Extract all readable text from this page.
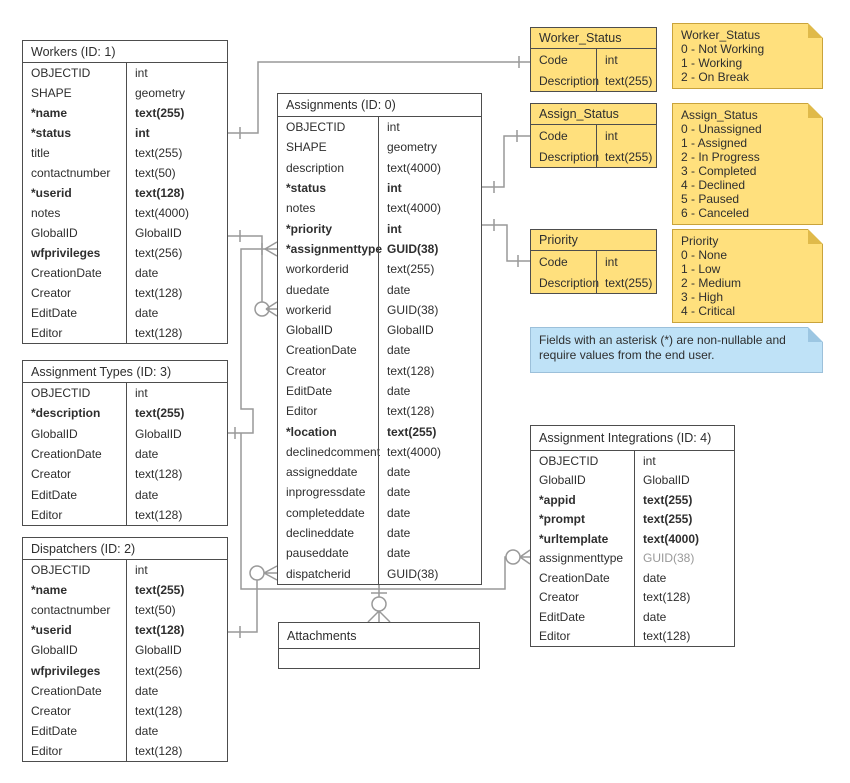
Workers (ID: 1)
OBJECTID	int
SHAPE	geometry
*name	text(255)
*status	int
title	text(255)
contactnumber	text(50)
*userid	text(128)
notes	text(4000)
GlobalID	GlobalID
wfprivileges	text(256)
CreationDate	date
Creator	text(128)
EditDate	date
Editor	text(128)
Assignment Types (ID: 3)
OBJECTID	int
*description	text(255)
GlobalID	GlobalID
CreationDate	date
Creator	text(128)
EditDate	date
Editor	text(128)
Dispatchers (ID: 2)
OBJECTID	int
*name	text(255)
contactnumber	text(50)
*userid	text(128)
GlobalID	GlobalID
wfprivileges	text(256)
CreationDate	date
Creator	text(128)
EditDate	date
Editor	text(128)
Assignments (ID: 0)
OBJECTID	int
SHAPE	geometry
description	text(4000)
*status	int
notes	text(4000)
*priority	int
*assignmenttype GUID(38)
workorderid	text(255)
duedate	date
workerid	GUID(38)
GlobalID	GlobalID
CreationDate	date
Creator	text(128)
EditDate	date
Editor	text(128)
*location	text(255)
declinedcomment text(4000)
assigneddate	date
inprogressdate	date
completeddate	date
declineddate	date
pauseddate	date
dispatcherid	GUID(38)
Attachments
Assignment Integrations (ID: 4)
OBJECTID	int
GlobalID	GlobalID
*appid	text(255)
*prompt	text(255)
*urltemplate	text(4000)
assignmenttype	GUID(38)
CreationDate	date
Creator	text(128)
EditDate	date
Editor	text(128)
Worker_Status
Code	int
Description text(255)
Assign_Status
Code	int
Description text(255)
Priority
Code	int
Description text(255)
Worker_Status
0 - Not Working
1 - Working
2 - On Break
Assign_Status
0 - Unassigned
1 - Assigned
2 - In Progress
3 - Completed
4 - Declined
5 - Paused
6 - Canceled
Priority
0 - None
1 - Low
2 - Medium
3 - High
4 - Critical
Fields with an asterisk (*) are non-nullable and require values from the end user.
